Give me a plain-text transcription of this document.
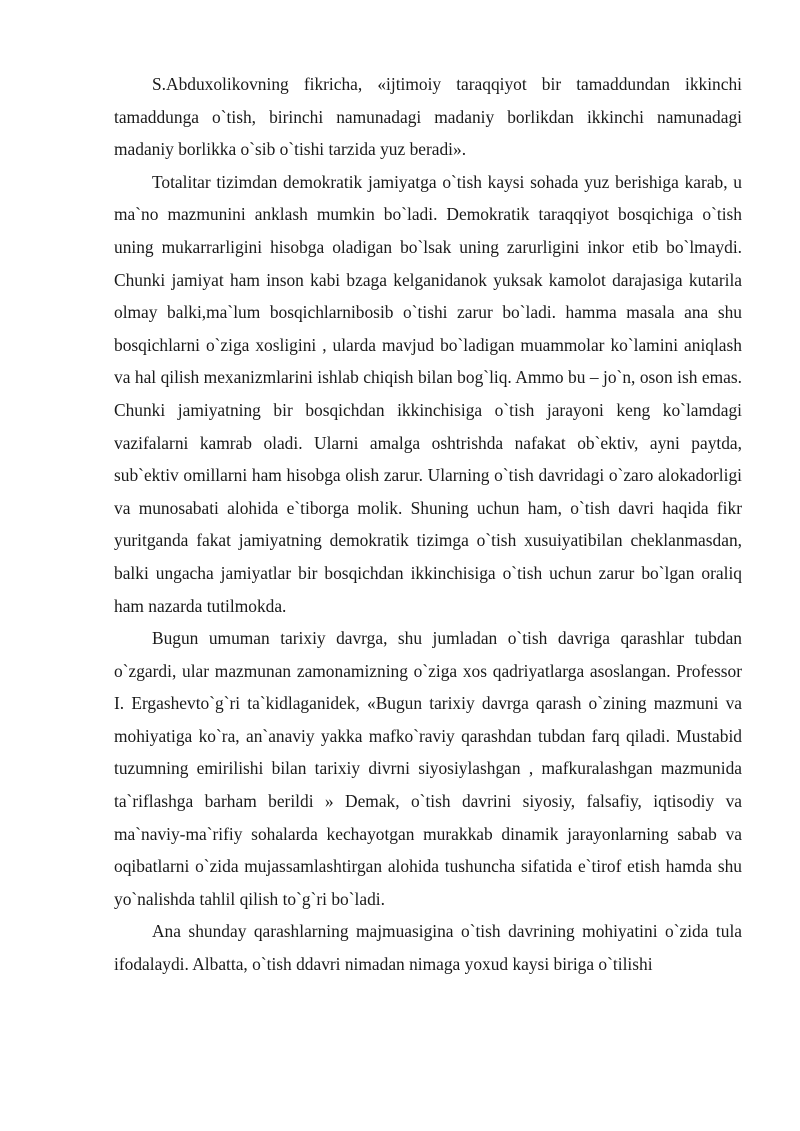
S.Abduxolikovning fikricha, «ijtimoiy taraqqiyot bir tamaddundan ikkinchi tamaddunga o`tish, birinchi namunadagi madaniy borlikdan ikkinchi namunadagi madaniy borlikka o`sib o`tishi tarzida yuz beradi».

Totalitar tizimdan demokratik jamiyatga o`tish kaysi sohada yuz berishiga karab, u ma`no mazmunini anklash mumkin bo`ladi. Demokratik taraqqiyot bosqichiga o`tish uning mukarrarligini hisobga oladigan bo`lsak uning zarurligini inkor etib bo`lmaydi. Chunki jamiyat ham inson kabi bzaga kelganidanok yuksak kamolot darajasiga kutarila olmay balki,ma`lum bosqichlarnibosib o`tishi zarur bo`ladi. hamma masala ana shu bosqichlarni o`ziga xosligini , ularda mavjud bo`ladigan muammolar ko`lamini aniqlash va hal qilish mexanizmlarini ishlab chiqish bilan bog`liq. Ammo bu – jo`n, oson ish emas. Chunki jamiyatning bir bosqichdan ikkinchisiga o`tish jarayoni keng ko`lamdagi vazifalarni kamrab oladi. Ularni amalga oshtrishda nafakat ob`ektiv, ayni paytda, sub`ektiv omillarni ham hisobga olish zarur. Ularning o`tish davridagi o`zaro alokadorligi va munosabati alohida e`tiborga molik. Shuning uchun ham, o`tish davri haqida fikr yuritganda fakat jamiyatning demokratik tizimga o`tish xusuiyatibilan cheklanmasdan, balki ungacha jamiyatlar bir bosqichdan ikkinchisiga o`tish uchun zarur bo`lgan oraliq ham nazarda tutilmokda.

Bugun umuman tarixiy davrga, shu jumladan o`tish davriga qarashlar tubdan o`zgardi, ular mazmunan zamonamizning o`ziga xos qadriyatlarga asoslangan. Professor I. Ergashevto`g`ri ta`kidlaganidek, «Bugun tarixiy davrga qarash o`zining mazmuni va mohiyatiga ko`ra, an`anaviy yakka mafko`raviy qarashdan tubdan farq qiladi. Mustabid tuzumning emirilishi bilan tarixiy divrni siyosiylashgan , mafkuralashgan mazmunida ta`riflashga barham berildi » Demak, o`tish davrini siyosiy, falsafiy, iqtisodiy va ma`naviy-ma`rifiy sohalarda kechayotgan murakkab dinamik jarayonlarning sabab va oqibatlarni o`zida mujassamlashtirgan alohida tushuncha sifatida e`tirof etish hamda shu yo`nalishda tahlil qilish to`g`ri bo`ladi.

Ana shunday qarashlarning majmuasigina o`tish davrining mohiyatini o`zida tula ifodalaydi. Albatta, o`tish ddavri nimadan nimaga yoxud kaysi biriga o`tilishi
